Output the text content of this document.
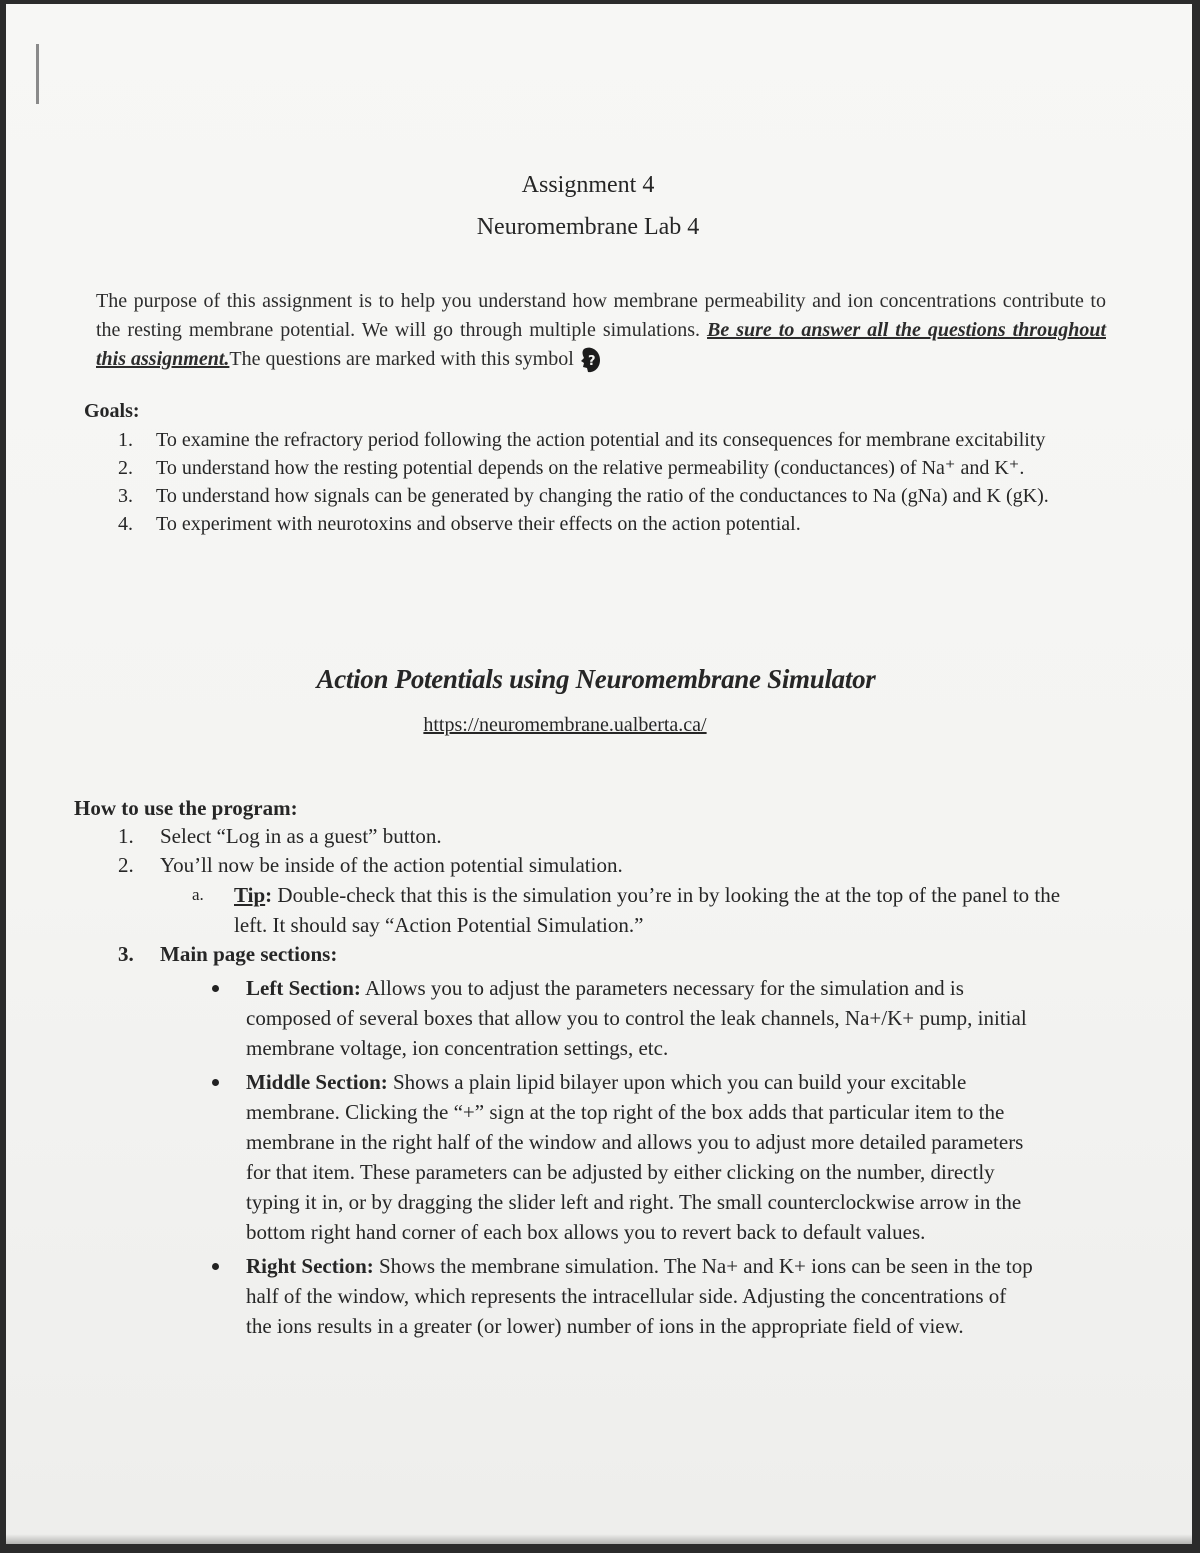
Assignment 4
Neuromembrane Lab 4
The purpose of this assignment is to help you understand how membrane permeability and ion concentrations contribute to the resting membrane potential. We will go through multiple simulations. Be sure to answer all the questions throughout this assignment.The questions are marked with this symbol ?
Goals:
1. To examine the refractory period following the action potential and its consequences for membrane excitability
2. To understand how the resting potential depends on the relative permeability (conductances) of Na⁺ and K⁺.
3. To understand how signals can be generated by changing the ratio of the conductances to Na (gNa) and K (gK).
4. To experiment with neurotoxins and observe their effects on the action potential.
Action Potentials using Neuromembrane Simulator
https://neuromembrane.ualberta.ca/
How to use the program:
1. Select “Log in as a guest” button.
2. You’ll now be inside of the action potential simulation.
a. Tip: Double-check that this is the simulation you’re in by looking the at the top of the panel to the left. It should say “Action Potential Simulation.”
3. Main page sections:
Left Section: Allows you to adjust the parameters necessary for the simulation and is composed of several boxes that allow you to control the leak channels, Na+/K+ pump, initial membrane voltage, ion concentration settings, etc.
Middle Section: Shows a plain lipid bilayer upon which you can build your excitable membrane. Clicking the “+” sign at the top right of the box adds that particular item to the membrane in the right half of the window and allows you to adjust more detailed parameters for that item. These parameters can be adjusted by either clicking on the number, directly typing it in, or by dragging the slider left and right. The small counterclockwise arrow in the bottom right hand corner of each box allows you to revert back to default values.
Right Section: Shows the membrane simulation. The Na+ and K+ ions can be seen in the top half of the window, which represents the intracellular side. Adjusting the concentrations of the ions results in a greater (or lower) number of ions in the appropriate field of view.
